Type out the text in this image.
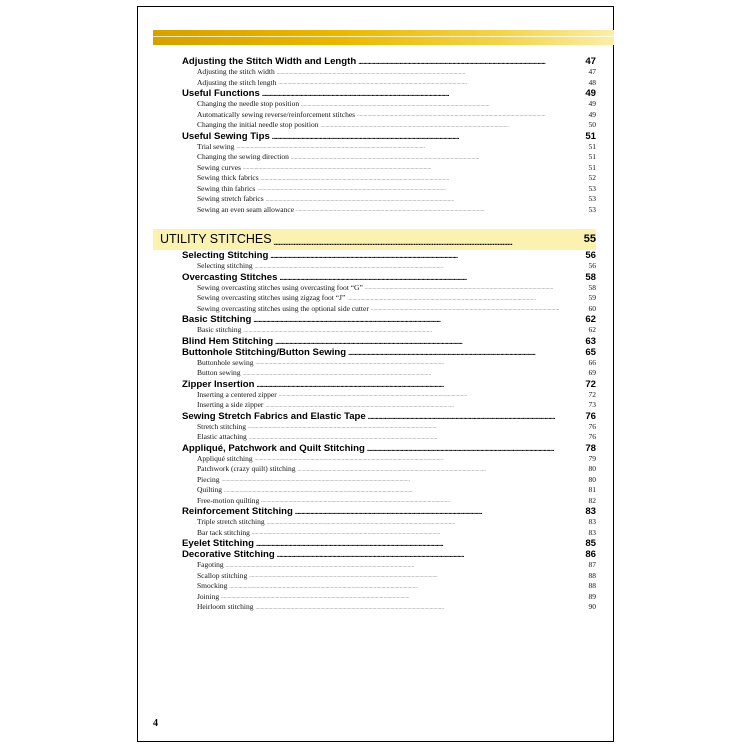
Adjusting the Stitch Width and Length . . .	47
Adjusting the stitch width . . .	47
Adjusting the stitch length . . .	48
Useful Functions . . .	49
Changing the needle stop position . . .	49
Automatically sewing reverse/reinforcement stitches . . .	49
Changing the initial needle stop position . . .	50
Useful Sewing Tips . . .	51
Trial sewing . . .	51
Changing the sewing direction . . .	51
Sewing curves . . .	51
Sewing thick fabrics . . .	52
Sewing thin fabrics . . .	53
Sewing stretch fabrics . . .	53
Sewing an even seam allowance . . .	53
UTILITY STITCHES . . .	55
Selecting Stitching . . .	56
Selecting stitching . . .	56
Overcasting Stitches . . .	58
Sewing overcasting stitches using overcasting foot “G” . . .	58
Sewing overcasting stitches using zigzag foot “J” . . .	59
Sewing overcasting stitches using the optional side cutter . . .	60
Basic Stitching . . .	62
Basic stitching . . .	62
Blind Hem Stitching . . .	63
Buttonhole Stitching/Button Sewing . . .	65
Buttonhole sewing . . .	66
Button sewing . . .	69
Zipper Insertion . . .	72
Inserting a centered zipper . . .	72
Inserting a side zipper . . .	73
Sewing Stretch Fabrics and Elastic Tape . . .	76
Stretch stitching . . .	76
Elastic attaching . . .	76
Appliqué, Patchwork and Quilt Stitching . . .	78
Appliqué stitching . . .	79
Patchwork (crazy quilt) stitching . . .	80
Piecing . . .	80
Quilting . . .	81
Free-motion quilting . . .	82
Reinforcement Stitching . . .	83
Triple stretch stitching . . .	83
Bar tack stitching . . .	83
Eyelet Stitching . . .	85
Decorative Stitching . . .	86
Fagoting . . .	87
Scallop stitching . . .	88
Smocking . . .	88
Joining . . .	89
Heirloom stitching . . .	90
4
